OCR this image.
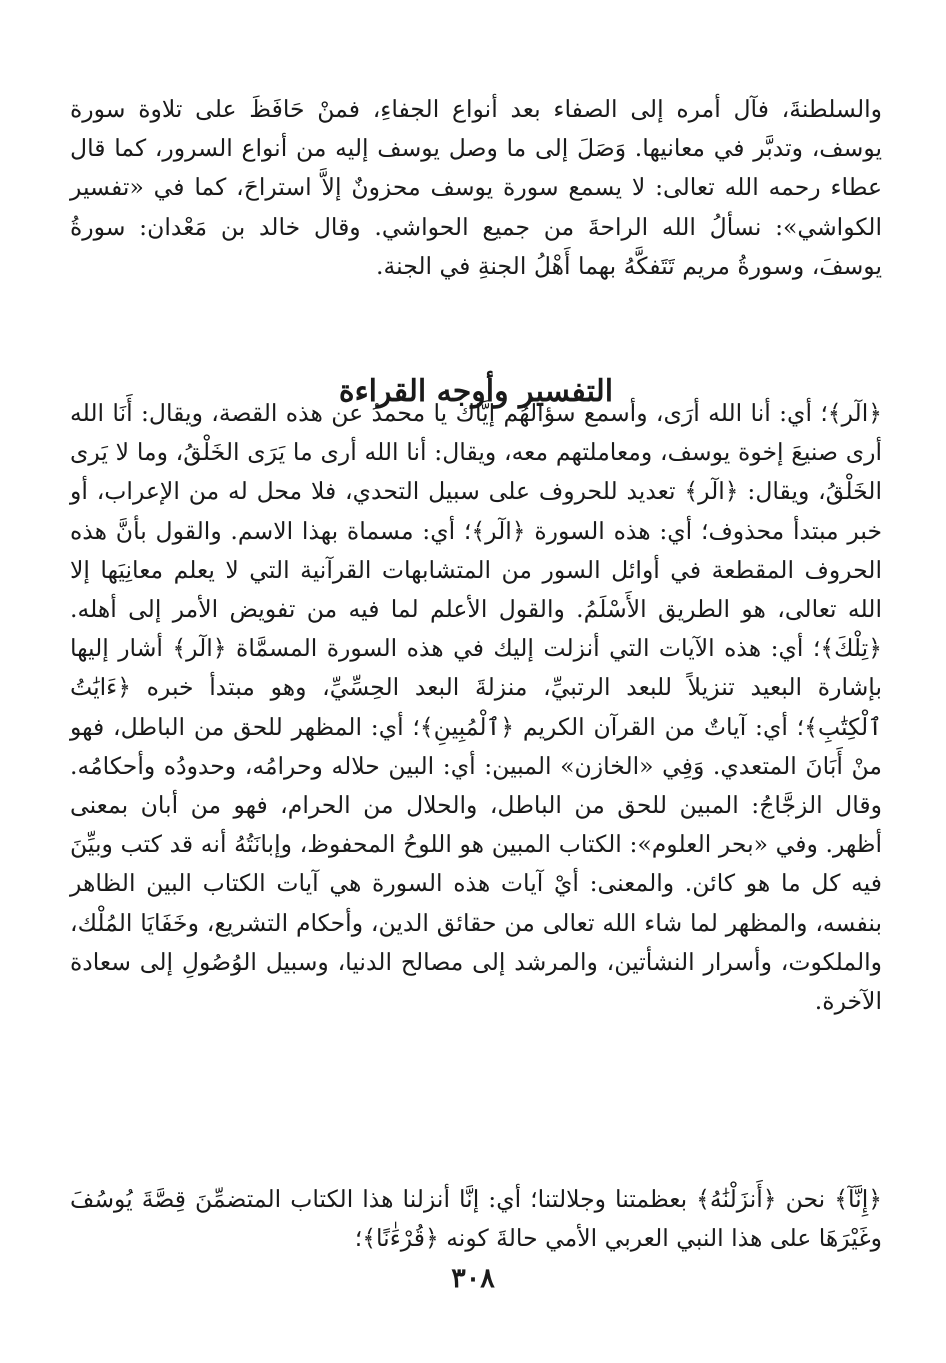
والسلطنةَ، فآل أمره إلى الصفاء بعد أنواع الجفاءِ، فمنْ حَافَظَ على تلاوة سورة يوسف، وتدبَّر في معانيها. وَصَلَ إلى ما وصل يوسف إليه من أنواع السرور، كما قال عطاء رحمه الله تعالى: لا يسمع سورة يوسف محزونٌ إلاَّ استراحَ، كما في «تفسير الكواشي»: نسألُ الله الراحةَ من جميع الحواشي. وقال خالد بن مَعْدان: سورةُ يوسفَ، وسورةُ مريم تَتَفكَّهُ بهما أَهْلُ الجنةِ في الجنة.

التفسير وأوجه القراءة

﴿الٓر﴾؛ أي: أنا الله أرَى، وأسمع سؤالَهُم إيَّاك يا محمدُ عن هذه القصة، ويقال: أَنَا الله أرى صنيعَ إخوة يوسف، ومعاملتهم معه، ويقال: أنا الله أرى ما يَرَى الخَلْقُ، وما لا يَرى الخَلْقُ، ويقال: ﴿الٓر﴾ تعديد للحروف على سبيل التحدي، فلا محل له من الإعراب، أو خبر مبتدأ محذوف؛ أي: هذه السورة ﴿الٓر﴾؛ أي: مسماة بهذا الاسم. والقول بأنَّ هذه الحروف المقطعة في أوائل السور من المتشابهات القرآنية التي لا يعلم معانِيَها إلا الله تعالى، هو الطريق الأَسْلَمُ. والقول الأعلم لما فيه من تفويض الأمر إلى أهله. ﴿تِلْكَ﴾؛ أي: هذه الآيات التي أنزلت إليك في هذه السورة المسمَّاة ﴿الٓر﴾ أشار إليها بإشارة البعيد تنزيلاً للبعد الرتبيِّ، منزلةَ البعد الحِسِّيِّ، وهو مبتدأ خبره ﴿ءَايَٰتُ ٱلْكِتَٰبِ﴾؛ أي: آياتٌ من القرآن الكريم ﴿ٱلْمُبِينِ﴾؛ أي: المظهر للحق من الباطل، فهو منْ أَبَانَ المتعدي. وَفِي «الخازن» المبين: أي: البين حلاله وحرامُه، وحدودُه وأحكامُه. وقال الزجَّاجُ: المبين للحق من الباطل، والحلال من الحرام، فهو من أبان بمعنى أظهر. وفي «بحر العلوم»: الكتاب المبين هو اللوحُ المحفوظ، وإبانَتُهُ أنه قد كتب وبيِّنَ فيه كل ما هو كائن. والمعنى: أيْ آيات هذه السورة هي آيات الكتاب البين الظاهر بنفسه، والمظهر لما شاء الله تعالى من حقائق الدين، وأحكام التشريع، وخَفَايَا المُلْك، والملكوت، وأسرار النشأتين، والمرشد إلى مصالح الدنيا، وسبيل الوُصُولِ إلى سعادة الآخرة.

﴿إِنَّآ﴾ نحن ﴿أَنزَلْنَٰهُ﴾ بعظمتنا وجلالتنا؛ أي: إنَّا أنزلنا هذا الكتاب المتضمِّنَ قِصَّةَ يُوسُفَ وغَيْرَهَا على هذا النبي العربي الأمي حالةَ كونه ﴿قُرْءَٰنًا﴾؛

٣٠٨
